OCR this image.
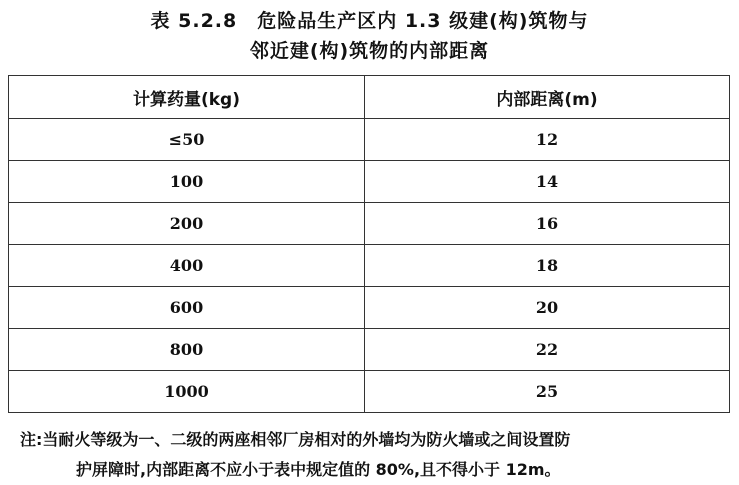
表 5.2.8　危险品生产区内 1.3 级建(构)筑物与
邻近建(构)筑物的内部距离
计算药量(kg)	内部距离(m)
≤50	12
100	14
200	16
400	18
600	20
800	22
1000	25
注:当耐火等级为一、二级的两座相邻厂房相对的外墙均为防火墙或之间设置防
护屏障时,内部距离不应小于表中规定值的 80%,且不得小于 12m。
